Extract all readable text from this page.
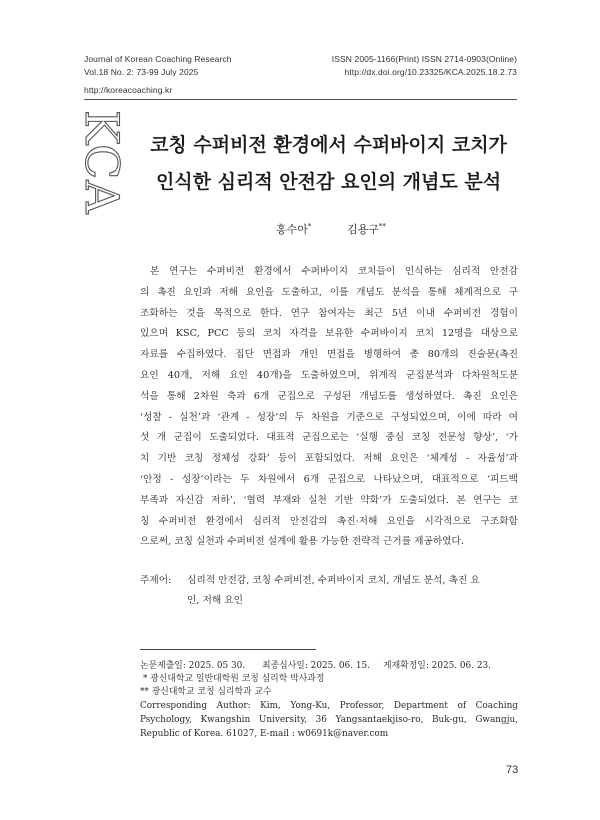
Journal of Korean Coaching Research	ISSN 2005-1166(Print) ISSN 2714-0903(Online)
Vol.18 No. 2: 73-99 July 2025	http://dx.doi.org/10.23325/KCA.2025.18.2.73
http://koreacoaching.kr
KCA	코칭 수퍼비전 환경에서 수퍼바이지 코치가
인식한 심리적 안전감 요인의 개념도 분석
홍수아*	김용구**
본 연구는 수퍼비전 환경에서 수퍼바이지 코치들이 인식하는 심리적 안전감
의 촉진 요인과 저해 요인을 도출하고, 이를 개념도 분석을 통해 체계적으로 구
조화하는 것을 목적으로 한다. 연구 참여자는 최근 5년 이내 수퍼비전 경험이
있으며 KSC, PCC 등의 코치 자격을 보유한 수퍼바이지 코치 12명을 대상으로
자료를 수집하였다. 집단 면접과 개인 면접을 병행하여 총 80개의 진술문(촉진
요인 40개, 저해 요인 40개)을 도출하였으며, 위계적 군집분석과 다차원척도분
석을 통해 2차원 축과 6개 군집으로 구성된 개념도를 생성하였다. 촉진 요인은
‘성찰 - 실천’과 ‘관계 - 성장’의 두 차원을 기준으로 구성되었으며, 이에 따라 여
섯 개 군집이 도출되었다. 대표적 군집으로는 ‘실행 중심 코칭 전문성 향상’, ‘가
치 기반 코칭 정체성 강화’ 등이 포함되었다. 저해 요인은 ‘체계성 - 자율성’과
‘안정 - 성장’이라는 두 차원에서 6개 군집으로 나타났으며, 대표적으로 ‘피드백
부족과 자신감 저하’, ‘협력 부재와 실천 기반 약화’가 도출되었다. 본 연구는 코
칭 수퍼비전 환경에서 심리적 안전감의 촉진·저해 요인을 시각적으로 구조화함
으로써, 코칭 실천과 수퍼비전 설계에 활용 가능한 전략적 근거를 제공하였다.
주제어: 심리적 안전감, 코칭 수퍼비전, 수퍼바이지 코치, 개념도 분석, 촉진 요
인, 저해 요인
논문제출일: 2025. 05 30. 최종심사일: 2025. 06. 15. 게재확정일: 2025. 06. 23.
* 광신대학교 일반대학원 코칭 심리학 박사과정
** 광신대학교 코칭 심리학과 교수
Corresponding Author: Kim, Yong-Ku, Professor, Department of Coaching
Psychology, Kwangshin University, 36 Yangsantaekjiso-ro, Buk-gu, Gwangju,
Republic of Korea. 61027, E-mail : w0691k@naver.com
73
